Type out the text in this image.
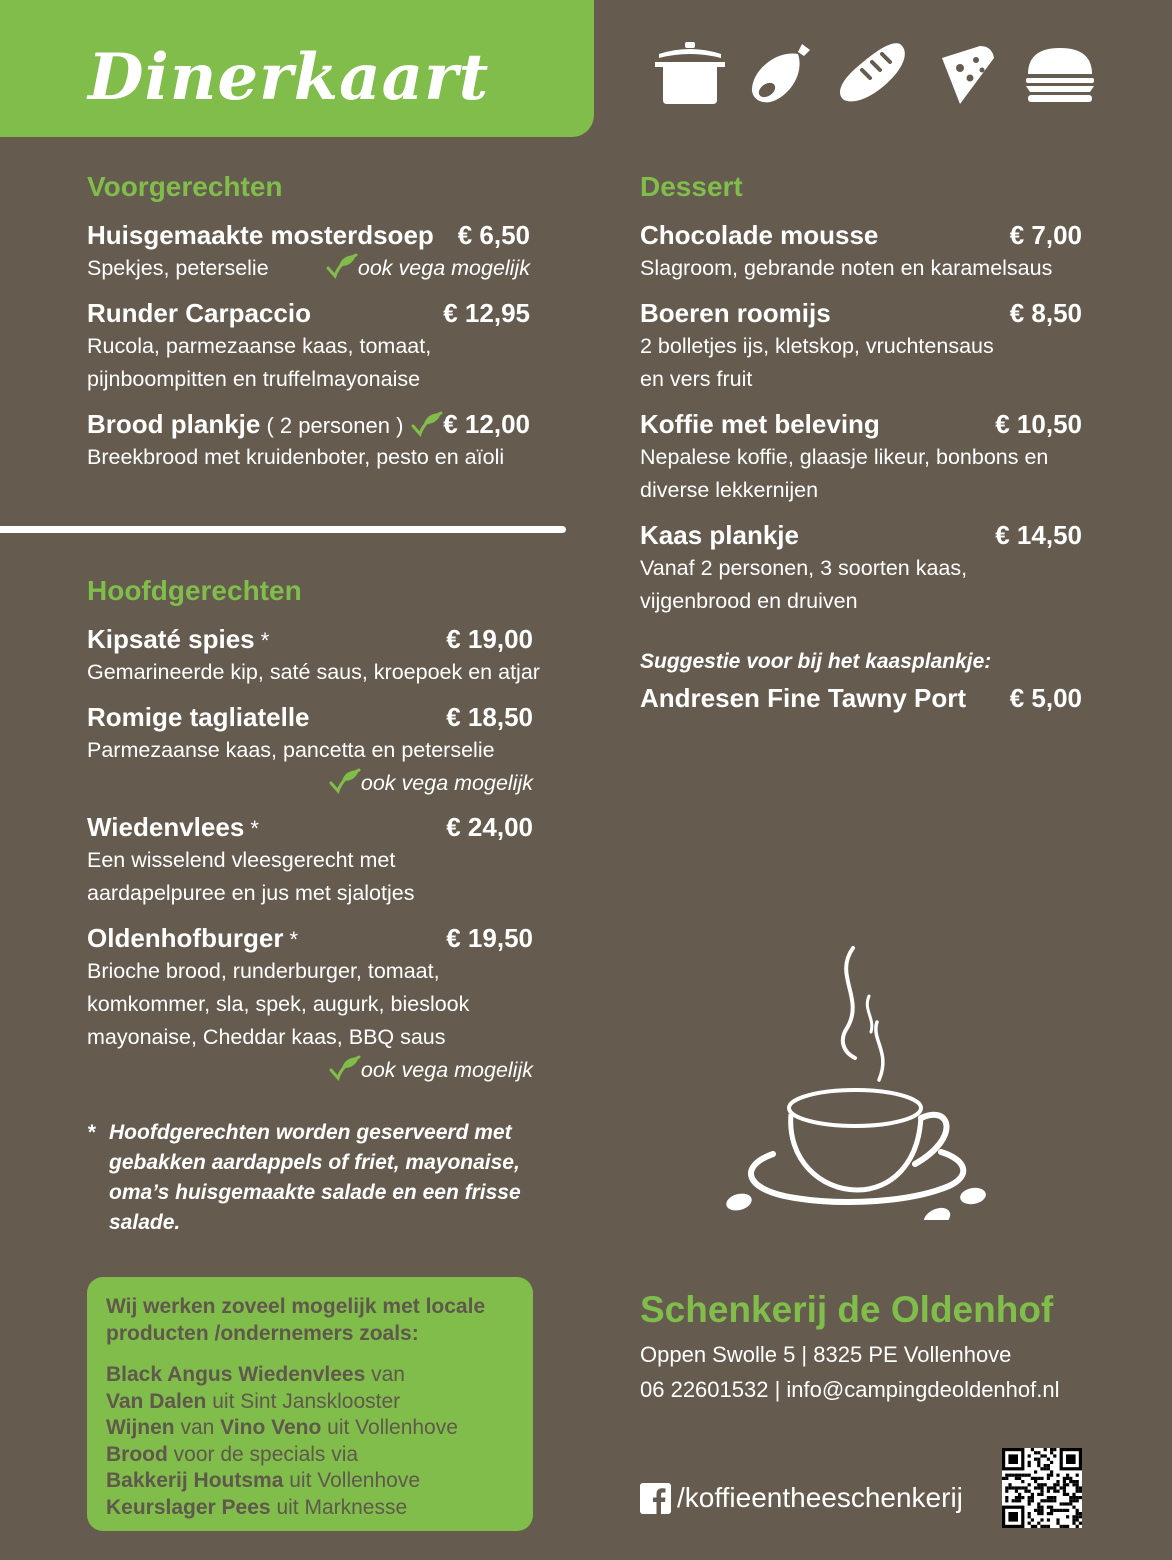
Dinerkaart
Voorgerechten
Huisgemaakte mosterdsoep € 6,50
Spekjes, peterselie	ook vega mogelijk
Runder Carpaccio	€ 12,95
Rucola, parmezaanse kaas, tomaat,
pijnboompitten en truffelmayonaise
Brood plankje ( 2 personen )	€ 12,00
Breekbrood met kruidenboter, pesto en aïoli
Hoofdgerechten
Kipsaté spies *	€ 19,00
Gemarineerde kip, saté saus, kroepoek en atjar
Romige tagliatelle	€ 18,50
Parmezaanse kaas, pancetta en peterselie
ook vega mogelijk
Wiedenvlees *	€ 24,00
Een wisselend vleesgerecht met
aardapelpuree en jus met sjalotjes
Oldenhofburger *	€ 19,50
Brioche brood, runderburger, tomaat,
komkommer, sla, spek, augurk, bieslook
mayonaise, Cheddar kaas, BBQ saus
ook vega mogelijk
* Hoofdgerechten worden geserveerd met
gebakken aardappels of friet, mayonaise,
oma’s huisgemaakte salade en een frisse
salade.
Wij werken zoveel mogelijk met locale
producten /ondernemers zoals:
Black Angus Wiedenvlees van
Van Dalen uit Sint Jansklooster
Wijnen van Vino Veno uit Vollenhove
Brood voor de specials via
Bakkerij Houtsma uit Vollenhove
Keurslager Pees uit Marknesse
Dessert
Chocolade mousse	€ 7,00
Slagroom, gebrande noten en karamelsaus
Boeren roomijs	€ 8,50
2 bolletjes ijs, kletskop, vruchtensaus
en vers fruit
Koffie met beleving	€ 10,50
Nepalese koffie, glaasje likeur, bonbons en
diverse lekkernijen
Kaas plankje	€ 14,50
Vanaf 2 personen, 3 soorten kaas,
vijgenbrood en druiven
Suggestie voor bij het kaasplankje:
Andresen Fine Tawny Port € 5,00
Schenkerij de Oldenhof
Oppen Swolle 5 | 8325 PE Vollenhove
06 22601532 | info@campingdeoldenhof.nl
/koffieentheeschenkerij
